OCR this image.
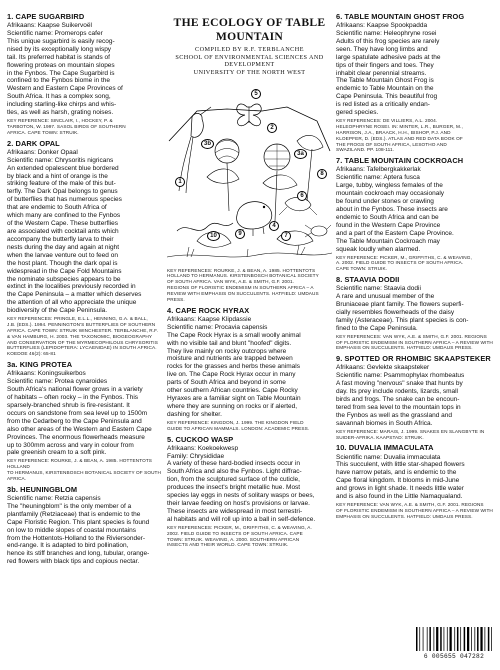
1. CAPE SUGARBIRD
Afrikaans: Kaapse Suikervoël
Scientific name: Promerops cafer
This unique sugarbird is easily recog-
nised by its exceptionally long wispy
tail. Its preferred habitat is stands of
flowering proteas on mountain slopes
in the Fynbos. The Cape Sugarbird is
confined to the Fynbos biome in the
Western and Eastern Cape Provinces of
South Africa. It has a complex song,
including starling-like chirps and whis-
tles, as well as harsh, grating noises.
KEY REFERENCE: SINCLAIR, I., HOCKEY, P. &
TARBOTON, W. 1997. SASOL BIRDS OF SOUTHERN
AFRICA. CAPE TOWN: STRUIK.
2. DARK OPAL
Afrikaans: Donker Opaal
Scientific name: Chrysoritis nigricans
An extended opalescent blue bordered
by black and a hint of orange is the
striking feature of the male of this but-
terfly. The Dark Opal belongs to genus
of butterflies that has numerous species
that are endemic to South Africa of
which many are confined to the Fynbos
of the Western Cape. These butterflies
are associated with cocktail ants which
accompany the butterfly larva to their
nests during the day and again at night
when the larvae venture out to feed on
the host plant. Though the dark opal is
widespread in the Cape Fold Mountains
the nominate subspecies appears to be
extinct in the localities previously recorded in
the Cape Peninsula – a matter which deserves
the attention of all who appreciate the unique
biodiversity of the Cape Peninsula.
KEY REFERENCES: PRINGLE, E.L.L., HENNING, G.A. & BALL,
J.B. (EDS.). 1994. PENNINGTON'S BUTTERFLIES OF SOUTHERN
AFRICA. CAPE TOWN: STRUIK WINCHESTER. TERBLANCHE, R.F.
& VAN HAMBURG, H. 2003. THE TAXONOMIC, BIOGEOGRAPHY
AND CONSERVATION OF THE MYRMECOPHILOUS CHRYSORITIS
BUTTERFLIES (LEPIDOPTERA: LYCAENIDAE) IN SOUTH AFRICA.
KOEDOE 46(2): 65-81
3a. KING PROTEA
Afrikaans: Koningsuikerbos
Scientific name: Protea cynaroides
South Africa's national flower grows in a variety
of habitats – often rocky – in the Fynbos. This
sparsely-branched shrub is fire-resistant. It
occurs on sandstone from sea level up to 1500m
from the Cedarberg to the Cape Peninsula and
also other areas of the Western and Eastern Cape
Provinces. The enormous flowerheads measure
up to 300mm across and vary in colour from
pale greenish cream to a soft pink.
KEY REFERENCE: ROURKE, J. & BEAN, A. 1985. HOTTENTOTS HOLLAND
TO HERMANUS, KIRSTENBOSCH BOTANICAL SOCIETY OF SOUTH AFRICA.
3b. HEUNINGBLOM
Scientific name: Retzia capensis
The "heuningblom" is the only member of a
plantfamily (Retziaceae) that is endemic to the
Cape Floristic Region. This plant species is found
on low to middle slopes of coastal mountains
from the Hottentots-Holland to the Riviersonder-
end-range. It is adapted to bird pollination,
hence its stiff branches and long, tubular, orange-
red flowers with black tips and copious nectar.
THE ECOLOGY OF TABLE MOUNTAIN
COMPILED BY R.F. TERBLANCHE
SCHOOL OF ENVIRONMENTAL SCIENCES AND DEVELOPMENT
UNIVERSITY OF THE NORTH WEST
1
2
3a
3b
4
5
6
7
8
9
10
KEY REFERENCES: ROURKE, J. & BEAN, A. 1985. HOTTENTOTS
HOLLAND TO HERMANUS. KIRSTENBOSCH BOTANICAL SOCIETY
OF SOUTH AFRICA. VAN WYK, A.E. & SMITH, G.F. 2001.
REGIONS OF FLORISTIC ENDEMISM IN SOUTHERN AFRICA – A
REVIEW WITH EMPHASIS ON SUCCULENTS. HATFIELD: UMDAUS PRESS.
4. CAPE ROCK HYRAX
Afrikaans: Kaapse Klipdassie
Scientific name: Procavia capensis
The Cape Rock Hyrax is a small woolly animal
with no visible tail and blunt "hoofed" digits.
They live mainly on rocky outcrops where
moisture and nutrients are trapped between
rocks for the grasses and herbs these animals
live on. The Cape Rock Hyrax occur in many
parts of South Africa and beyond in some
other southern African countries. Cape Rocky
Hyraxes are a familiar sight on Table Mountain
where they are sunning on rocks or if alerted,
dashing for shelter.
KEY REFERENCE: KINGDON, J. 1999. THE KINGDON FIELD
GUIDE TO AFRICAN MAMMALS. LONDON: ACADEMIC PRESS.
5. CUCKOO WASP
Afrikaans: Koekoekwesp
Family: Chrysididae
A variety of these hard-bodied insects occur in
South Africa and also the Fynbos. Light diffrac-
tion, from the sculptured surface of the cuticle,
produces the insect's bright metallic hue. Most
species lay eggs in nests of solitary wasps or bees,
their larvae feeding on host's provisions or larvae.
These insects are widespread in most terrestri-
al habitats and will roll up into a ball in self-defence.
KEY REFERENCES: PICKER, M., GRIFFITHS, C. & WEAVING, A.
2002. FIELD GUIDE TO INSECTS OF SOUTH AFRICA. CAPE
TOWN: STRUIK. WEAVING, A. 2000. SOUTHERN AFRICAN
INSECTS AND THEIR WORLD. CAPE TOWN: STRUIK.
6. TABLE MOUNTAIN GHOST FROG
Afrikaans: Kaapse Spookpadda
Scientific name: Heleophryne rosei
Adults of this frog species are rarely
seen. They have long limbs and
large spatulate adhesive pads at the
tips of their fingers and toes. They
inhabit clear perennial streams.
The Table Mountain Ghost Frog is
endemic to Table Mountain on the
Cape Peninsula. This beautiful frog
is red listed as a critically endan-
gered species.
KEY REFERENCES: DE VILLIERS, A.L. 2004.
HELEOPHRYNE ROSEI. IN: MINTER, L.R., BURGER, M.,
HARRISON, J.A., BRAACK, H.H., BISHOP, P.J. AND
KLOEPFER, D. (EDS.). ATLAS AND RED DATA BOOK OF
THE FROGS OF SOUTH AFRICA, LESOTHO AND
SWAZILAND. PP. 108-111.
7. TABLE MOUNTAIN COCKROACH
Afrikaans: Tafelbergkakkerlak
Scientific name: Aptera fusca
Large, tubby, wingless females of the
mountain cockroach may occasionaly
be found under stones or crawling
about in the Fynbos. These insects are
endemic to South Africa and can be
found in the Western Cape Province
and a part of the Eastern Cape Province.
The Table Mountain Cockroach may
squeak loudly when alarmed.
KEY REFERENCE: PICKER, M., GRIFFITHS, C. & WEAVING,
A. 2002. FIELD GUIDE TO INSECTS OF SOUTH AFRICA.
CAPE TOWN: STRUIK.
8. STAAVIA DODII
Scientific name: Staavia dodii
A rare and unusual member of the
Bruniaceae plant family. The flowers superfi-
cially resembles flowerheads of the daisy
family (Asteraceae). This plant species is con-
fined to the Cape Peninsula.
KEY REFERENCES: VAN WYK, A.E. & SMITH, G.F. 2001. REGIONS
OF FLORISTIC ENDEMISM IN SOUTHERN AFRICA – A REVIEW WITH
EMPHASIS ON SUCCULENTS. HATFIELD: UMDAUS PRESS.
9. SPOTTED OR RHOMBIC SKAAPSTEKER
Afrikaans: Gevlekte skaapsteker
Scientific name: Psammophylax rhombeatus
A fast moving "nervous" snake that hunts by
day. Its prey include rodents, lizards, small
birds and frogs. The snake can be encoun-
tered from sea level to the mountain tops in
the Fynbos as well as the grassland and
savannah biomes in South Africa.
KEY REFERENCE: MARAIS, J. 1999. SNAKES EN SLANGBYTE IN
SUIDER-AFRIKA. KAAPSTAD: STRUIK.
10. DUVALIA IMMACULATA
Scientific name: Duvalia immaculata
This succulent, with little star-shaped flowers
have narrow petals, and is endemic to the
Cape floral kingdom. It blooms in mid-June
and grows in light shade. It needs little water
and is also found in the Little Namaqualand.
KEY REFERENCE: VAN WYK, A.E. & SMITH, G.F. 2001. REGIONS
OF FLORISTIC ENDEMISM IN SOUTHERN AFRICA – A REVIEW WITH
EMPHASIS ON SUCCULENTS. HATFIELD: UMDAUS PRESS.
6 005655 047282
